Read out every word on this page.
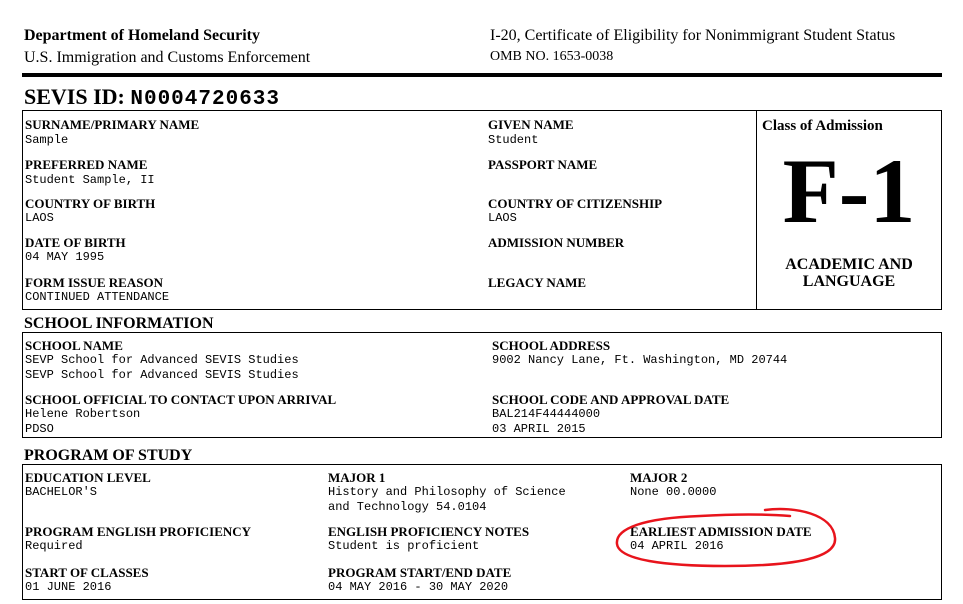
Department of Homeland Security
U.S. Immigration and Customs Enforcement
I-20, Certificate of Eligibility for Nonimmigrant Student Status
OMB NO. 1653-0038
SEVIS ID: N0004720633
SURNAME/PRIMARY NAME
Sample
GIVEN NAME
Student
PREFERRED NAME
Student Sample, II
PASSPORT NAME
COUNTRY OF BIRTH
LAOS
COUNTRY OF CITIZENSHIP
LAOS
DATE OF BIRTH
04 MAY 1995
ADMISSION NUMBER
FORM ISSUE REASON
CONTINUED ATTENDANCE
LEGACY NAME
Class of Admission
F-1
ACADEMIC AND
LANGUAGE
SCHOOL INFORMATION
SCHOOL NAME
SEVP School for Advanced SEVIS Studies
SEVP School for Advanced SEVIS Studies
SCHOOL ADDRESS
9002 Nancy Lane, Ft. Washington, MD 20744
SCHOOL OFFICIAL TO CONTACT UPON ARRIVAL
Helene Robertson
PDSO
SCHOOL CODE AND APPROVAL DATE
BAL214F44444000
03 APRIL 2015
PROGRAM OF STUDY
EDUCATION LEVEL
BACHELOR'S
MAJOR 1
History and Philosophy of Science
and Technology 54.0104
MAJOR 2
None 00.0000
PROGRAM ENGLISH PROFICIENCY
Required
ENGLISH PROFICIENCY NOTES
Student is proficient
EARLIEST ADMISSION DATE
04 APRIL 2016
START OF CLASSES
01 JUNE 2016
PROGRAM START/END DATE
04 MAY 2016 - 30 MAY 2020
